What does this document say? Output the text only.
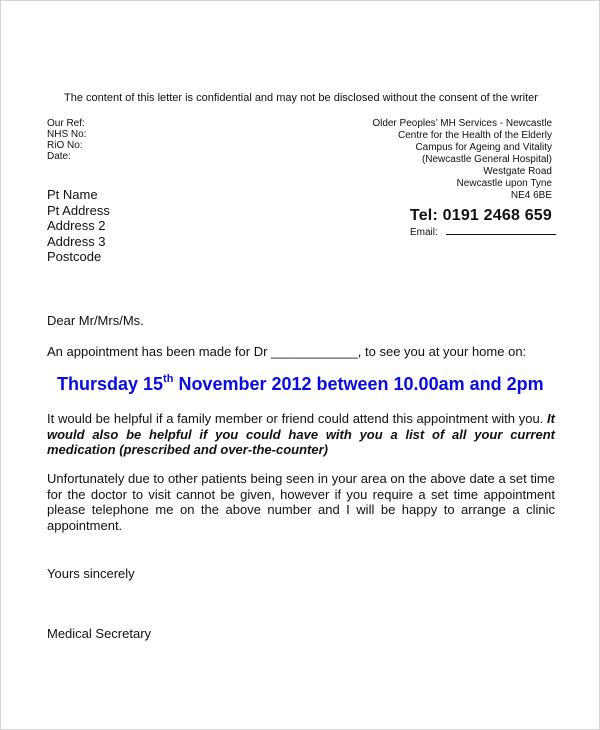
The content of this letter is confidential and may not be disclosed without the consent of the writer
Our Ref:
NHS No:
RiO No:
Date:
Older Peoples’ MH Services - Newcastle
Centre for the Health of the Elderly
Campus for Ageing and Vitality
(Newcastle General Hospital)
Westgate Road
Newcastle upon Tyne
NE4 6BE
Tel: 0191 2468 659
Email:
Pt Name
Pt Address
Address 2
Address 3
Postcode
Dear Mr/Mrs/Ms.
An appointment has been made for Dr ____________, to see you at your home on:
Thursday 15th November 2012 between 10.00am and 2pm
It would be helpful if a family member or friend could attend this appointment with you. It would also be helpful if you could have with you a list of all your current medication (prescribed and over-the-counter)
Unfortunately due to other patients being seen in your area on the above date a set time for the doctor to visit cannot be given, however if you require a set time appointment please telephone me on the above number and I will be happy to arrange a clinic appointment.
Yours sincerely
Medical Secretary
